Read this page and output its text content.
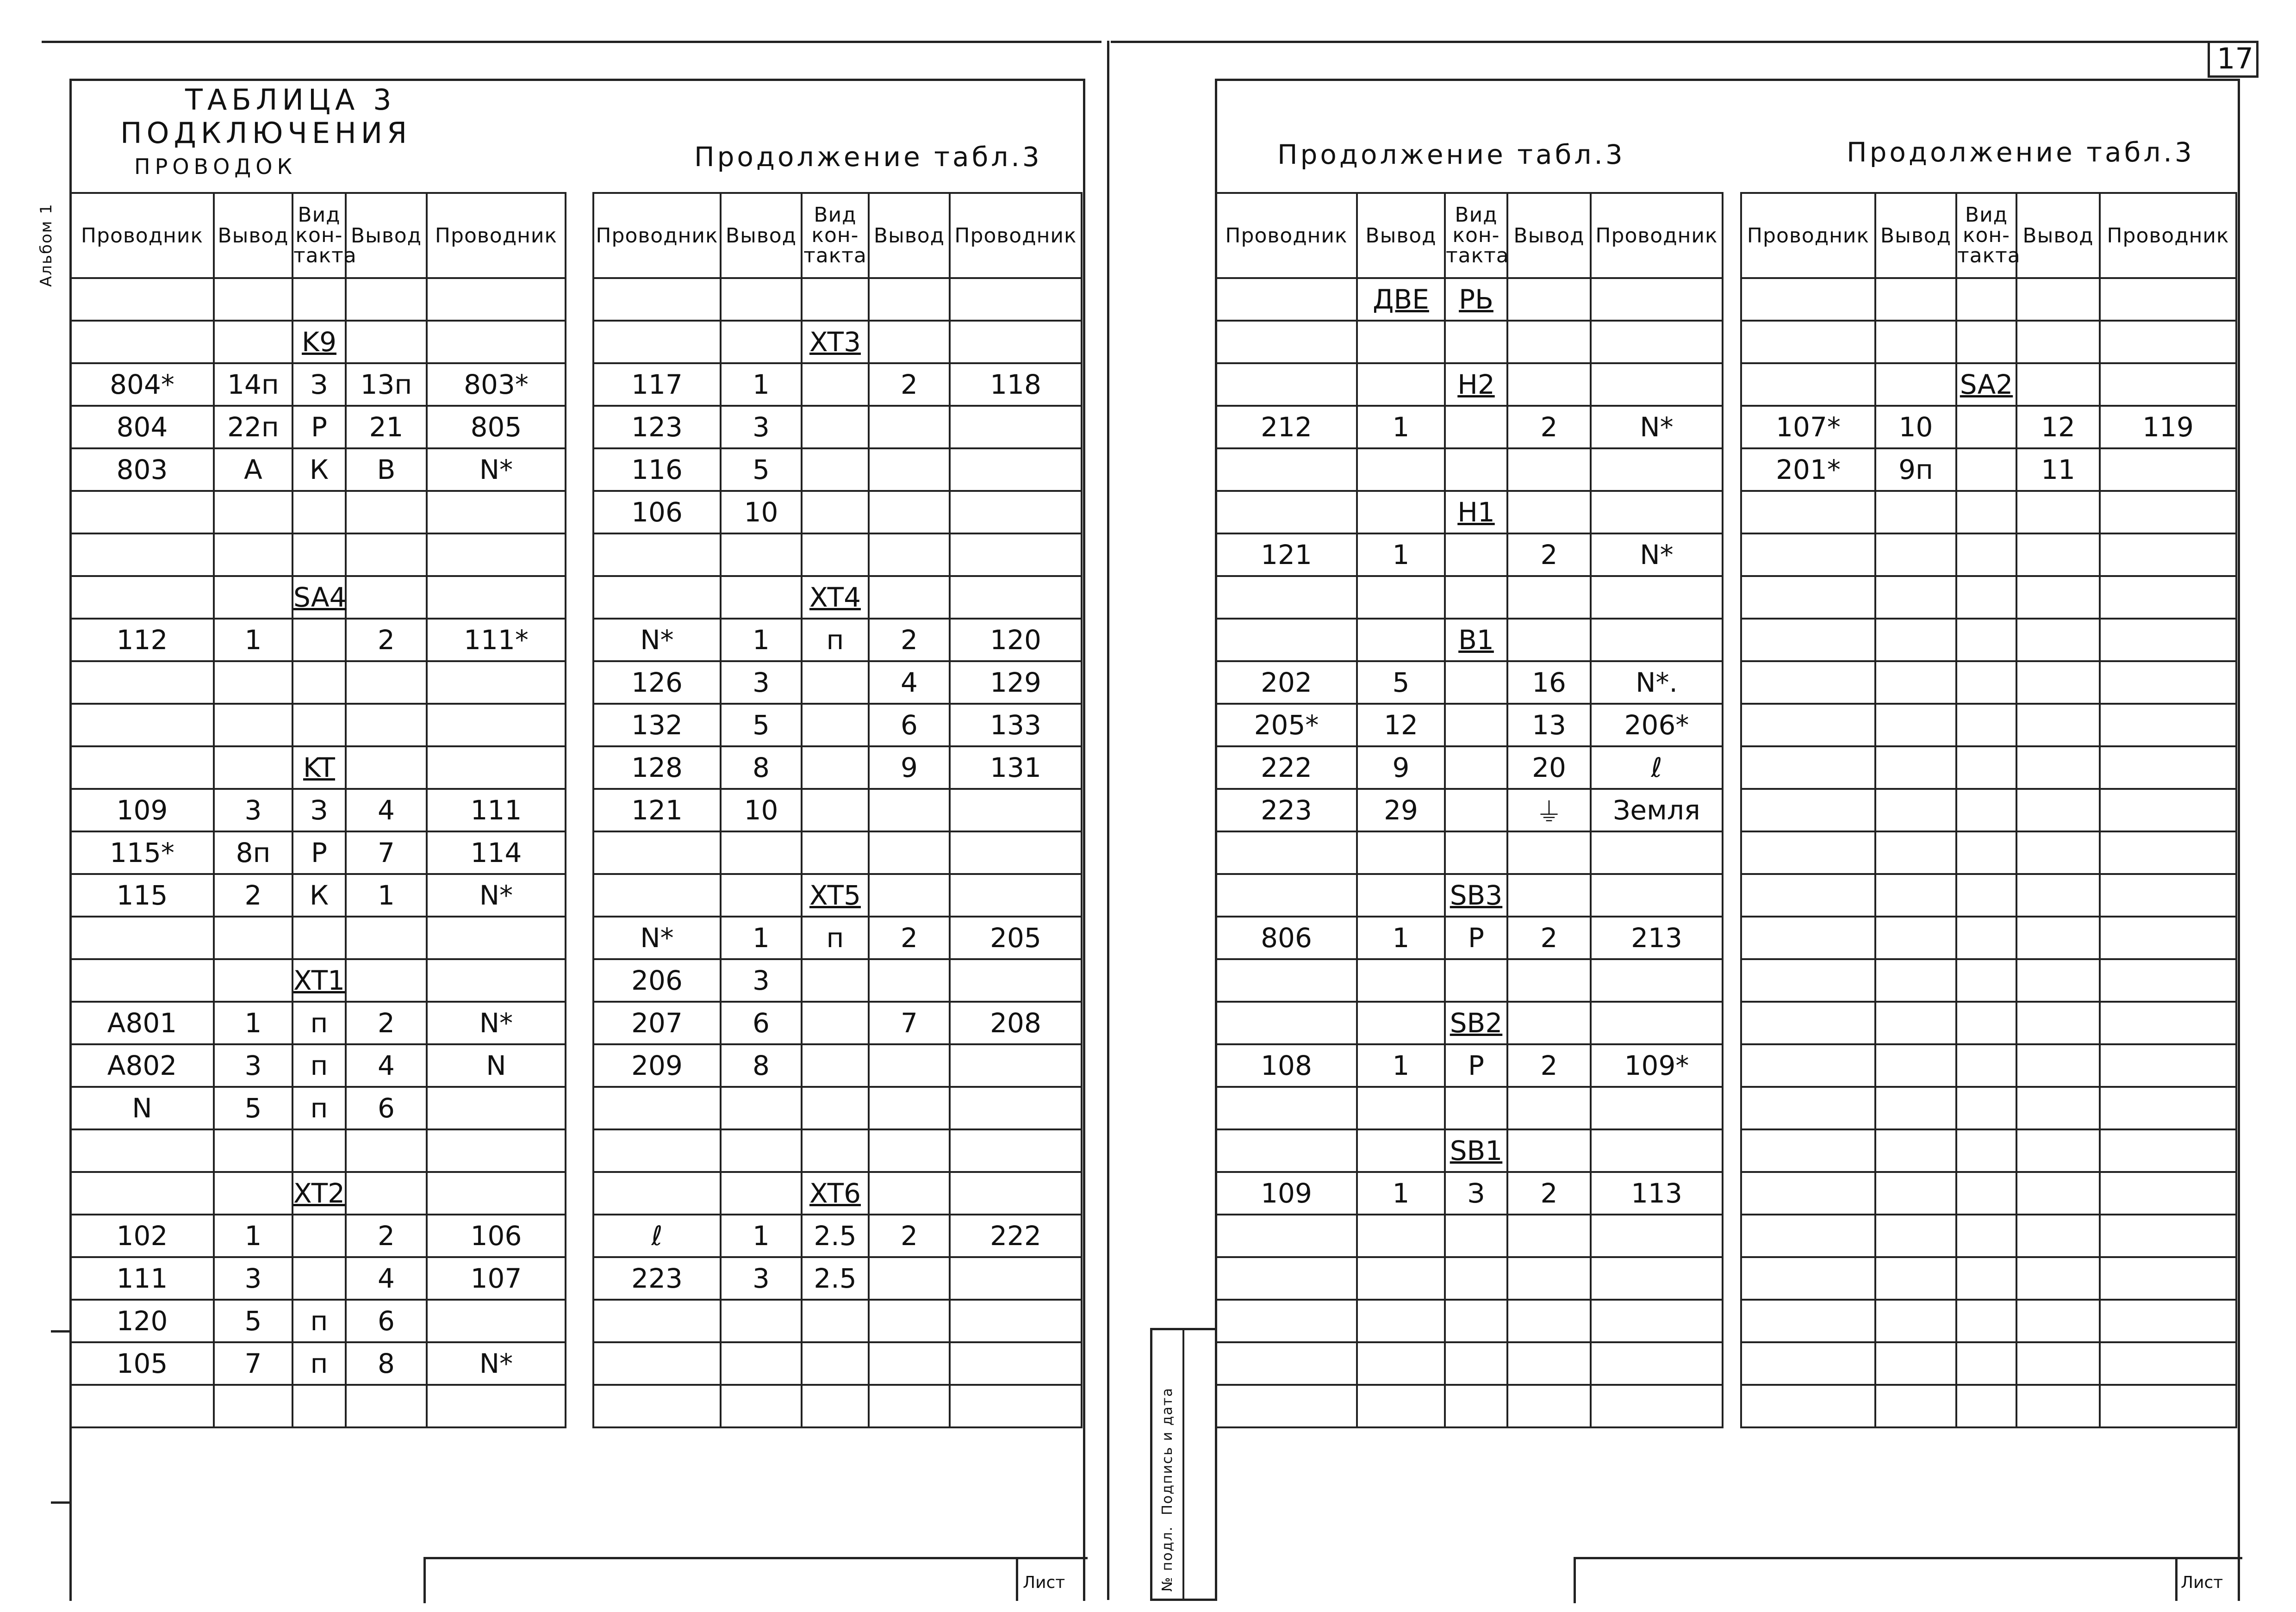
17
Альбом 1
ТАБЛИЦА 3
ПОДКЛЮЧЕНИЯ
ПРОВОДОК	Продолжение табл.3	Продолжение табл.3	Продолжение табл.3
Проводник	Вывод	Вид
кон-
такта	Вывод	Проводник

		K9		
804*	14п	З	13п	803*
804	22п	Р	21	805
803	А	К	В	N*

		SA4		
112	1		2	111*

		KT		
109	3	З	4	111
115*	8п	Р	7	114
115	2	К	1	N*

		XT1		
A801	1	п	2	N*
A802	3	п	4	N
N	5	п	6	

		XT2		
102	1		2	106
111	3		4	107
120	5	п	6	
105	7	п	8	N*

Проводник	Вывод	Вид
кон-
такта	Вывод	Проводник

		XT3		
117	1		2	118
123	3			
116	5			
106	10			

		XT4		
N*	1	п	2	120
126	3		4	129
132	5		6	133
128	8		9	131
121	10			

		XT5		
N*	1	п	2	205
206	3			
207	6		7	208
209	8			

		XT6		
ℓ	1	2.5	2	222
223	3	2.5		

Проводник	Вывод	Вид
кон-
такта	Вывод	Проводник
	ДВЕ	РЬ		

		H2		
212	1		2	N*

		H1		
121	1		2	N*

		B1		
202	5		16	N*.
205*	12		13	206*
222	9		20	ℓ
223	29		⏚	Земля

		SB3		
806	1	Р	2	213

		SB2		
108	1	Р	2	109*

		SB1		
109	1	З	2	113

Проводник	Вывод	Вид
кон-
такта	Вывод	Проводник

		SA2		
107*	10		12	119
201*	9п		11	

Лист	Лист
№ подл.  Подпись и дата
